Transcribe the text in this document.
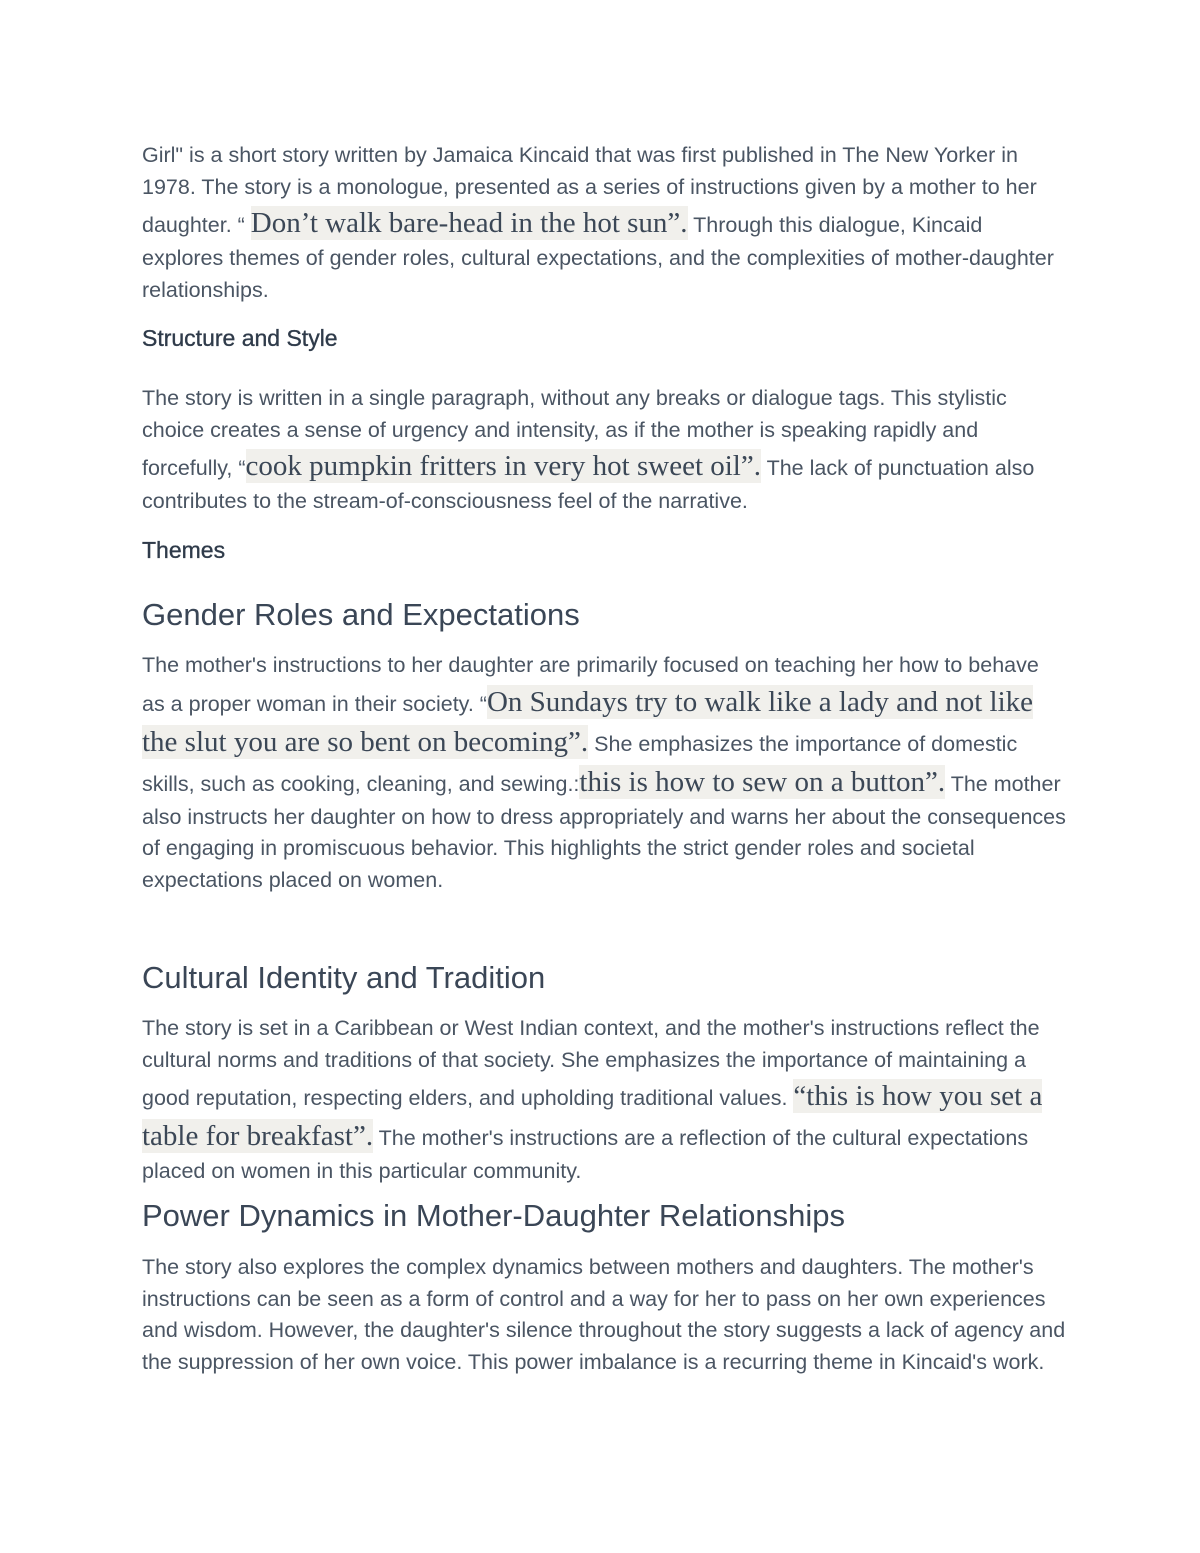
Girl" is a short story written by Jamaica Kincaid that was first published in The New Yorker in 1978. The story is a monologue, presented as a series of instructions given by a mother to her daughter. “ Don’t walk bare-head in the hot sun”. Through this dialogue, Kincaid explores themes of gender roles, cultural expectations, and the complexities of mother-daughter relationships.

Structure and Style

The story is written in a single paragraph, without any breaks or dialogue tags. This stylistic choice creates a sense of urgency and intensity, as if the mother is speaking rapidly and forcefully, “cook pumpkin fritters in very hot sweet oil”. The lack of punctuation also contributes to the stream-of-consciousness feel of the narrative.

Themes
Gender Roles and Expectations

The mother's instructions to her daughter are primarily focused on teaching her how to behave as a proper woman in their society. “On Sundays try to walk like a lady and not like the slut you are so bent on becoming”. She emphasizes the importance of domestic skills, such as cooking, cleaning, and sewing.:this is how to sew on a button”. The mother also instructs her daughter on how to dress appropriately and warns her about the consequences of engaging in promiscuous behavior. This highlights the strict gender roles and societal expectations placed on women.

Cultural Identity and Tradition

The story is set in a Caribbean or West Indian context, and the mother's instructions reflect the cultural norms and traditions of that society. She emphasizes the importance of maintaining a good reputation, respecting elders, and upholding traditional values. “this is how you set a table for breakfast”. The mother's instructions are a reflection of the cultural expectations placed on women in this particular community.

Power Dynamics in Mother-Daughter Relationships

The story also explores the complex dynamics between mothers and daughters. The mother's instructions can be seen as a form of control and a way for her to pass on her own experiences and wisdom. However, the daughter's silence throughout the story suggests a lack of agency and the suppression of her own voice. This power imbalance is a recurring theme in Kincaid's work.
